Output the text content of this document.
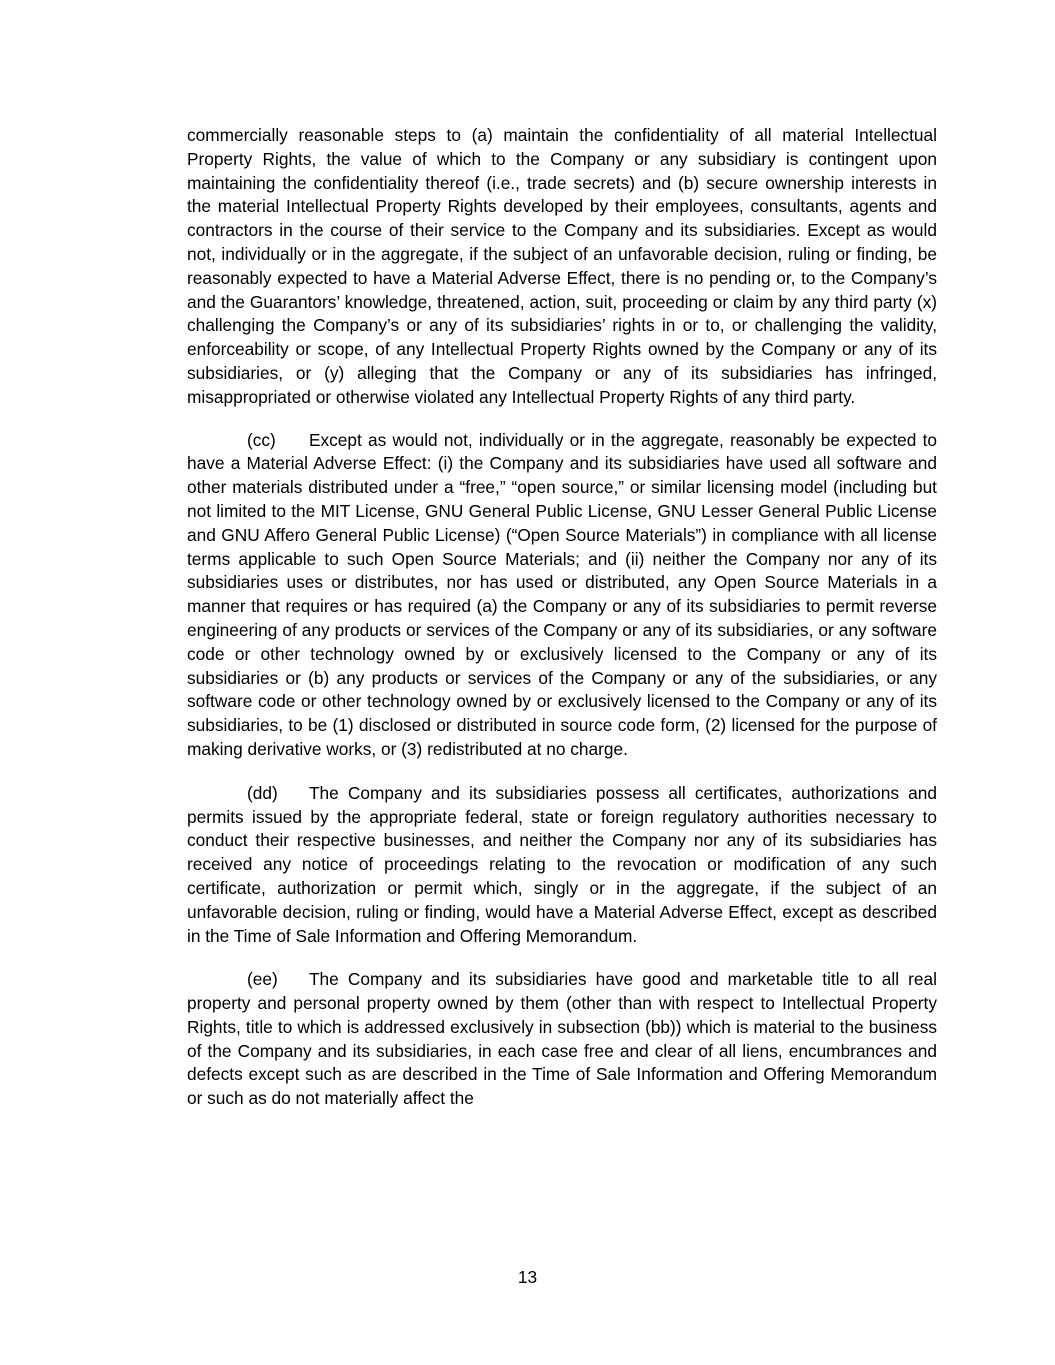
commercially reasonable steps to (a) maintain the confidentiality of all material Intellectual Property Rights, the value of which to the Company or any subsidiary is contingent upon maintaining the confidentiality thereof (i.e., trade secrets) and (b) secure ownership interests in the material Intellectual Property Rights developed by their employees, consultants, agents and contractors in the course of their service to the Company and its subsidiaries. Except as would not, individually or in the aggregate, if the subject of an unfavorable decision, ruling or finding, be reasonably expected to have a Material Adverse Effect, there is no pending or, to the Company’s and the Guarantors’ knowledge, threatened, action, suit, proceeding or claim by any third party (x) challenging the Company’s or any of its subsidiaries’ rights in or to, or challenging the validity, enforceability or scope, of any Intellectual Property Rights owned by the Company or any of its subsidiaries, or (y) alleging that the Company or any of its subsidiaries has infringed, misappropriated or otherwise violated any Intellectual Property Rights of any third party.

(cc) Except as would not, individually or in the aggregate, reasonably be expected to have a Material Adverse Effect: (i) the Company and its subsidiaries have used all software and other materials distributed under a “free,” “open source,” or similar licensing model (including but not limited to the MIT License, GNU General Public License, GNU Lesser General Public License and GNU Affero General Public License) (“Open Source Materials”) in compliance with all license terms applicable to such Open Source Materials; and (ii) neither the Company nor any of its subsidiaries uses or distributes, nor has used or distributed, any Open Source Materials in a manner that requires or has required (a) the Company or any of its subsidiaries to permit reverse engineering of any products or services of the Company or any of its subsidiaries, or any software code or other technology owned by or exclusively licensed to the Company or any of its subsidiaries or (b) any products or services of the Company or any of the subsidiaries, or any software code or other technology owned by or exclusively licensed to the Company or any of its subsidiaries, to be (1) disclosed or distributed in source code form, (2) licensed for the purpose of making derivative works, or (3) redistributed at no charge.

(dd) The Company and its subsidiaries possess all certificates, authorizations and permits issued by the appropriate federal, state or foreign regulatory authorities necessary to conduct their respective businesses, and neither the Company nor any of its subsidiaries has received any notice of proceedings relating to the revocation or modification of any such certificate, authorization or permit which, singly or in the aggregate, if the subject of an unfavorable decision, ruling or finding, would have a Material Adverse Effect, except as described in the Time of Sale Information and Offering Memorandum.

(ee) The Company and its subsidiaries have good and marketable title to all real property and personal property owned by them (other than with respect to Intellectual Property Rights, title to which is addressed exclusively in subsection (bb)) which is material to the business of the Company and its subsidiaries, in each case free and clear of all liens, encumbrances and defects except such as are described in the Time of Sale Information and Offering Memorandum or such as do not materially affect the

13
